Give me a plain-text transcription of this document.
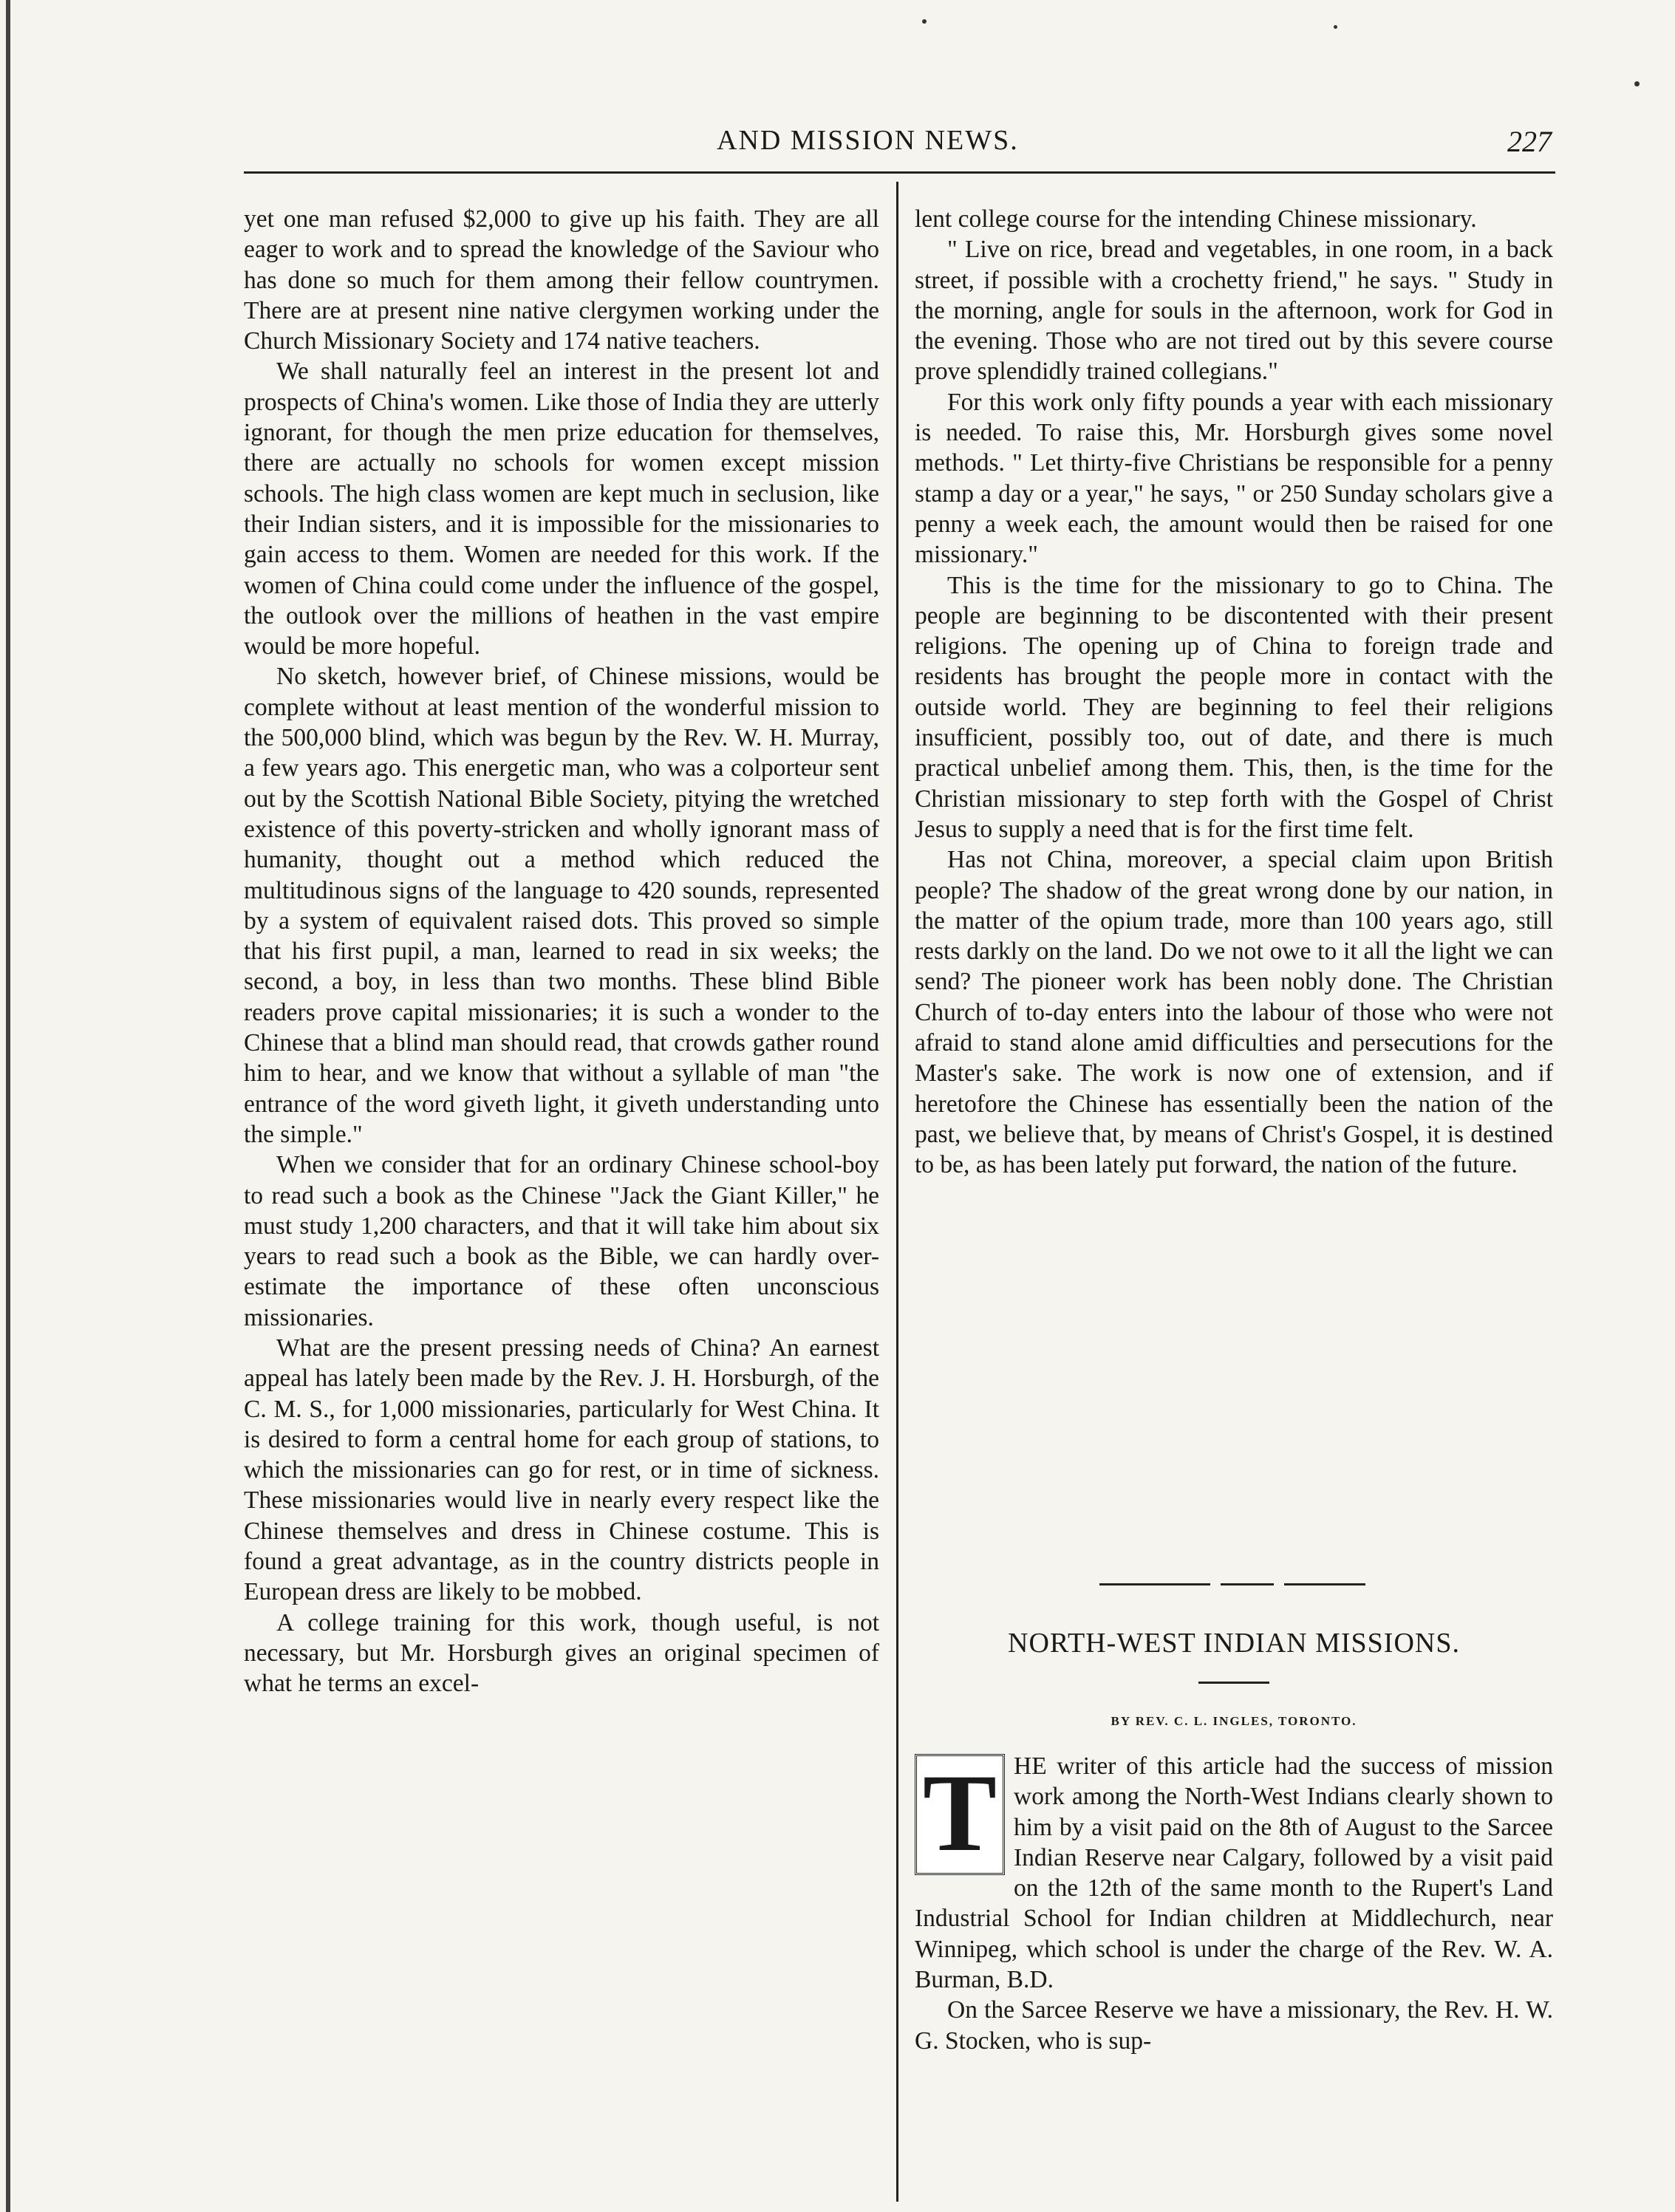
AND MISSION NEWS.	227

yet one man refused $2,000 to give up his faith. They are all eager to work and to spread the knowledge of the Saviour who has done so much for them among their fellow countrymen. There are at present nine native clergymen working under the Church Missionary Society and 174 native teachers.

We shall naturally feel an interest in the present lot and prospects of China's women. Like those of India they are utterly ignorant, for though the men prize education for themselves, there are actually no schools for women except mission schools. The high class women are kept much in seclusion, like their Indian sisters, and it is impossible for the missionaries to gain access to them. Women are needed for this work. If the women of China could come under the influence of the gospel, the outlook over the millions of heathen in the vast empire would be more hopeful.

No sketch, however brief, of Chinese missions, would be complete without at least mention of the wonderful mission to the 500,000 blind, which was begun by the Rev. W. H. Murray, a few years ago. This energetic man, who was a colporteur sent out by the Scottish National Bible Society, pitying the wretched existence of this poverty-stricken and wholly ignorant mass of humanity, thought out a method which reduced the multitudinous signs of the language to 420 sounds, represented by a system of equivalent raised dots. This proved so simple that his first pupil, a man, learned to read in six weeks; the second, a boy, in less than two months. These blind Bible readers prove capital missionaries; it is such a wonder to the Chinese that a blind man should read, that crowds gather round him to hear, and we know that without a syllable of man "the entrance of the word giveth light, it giveth understanding unto the simple."

When we consider that for an ordinary Chinese school-boy to read such a book as the Chinese "Jack the Giant Killer," he must study 1,200 characters, and that it will take him about six years to read such a book as the Bible, we can hardly over-estimate the importance of these often unconscious missionaries.

What are the present pressing needs of China? An earnest appeal has lately been made by the Rev. J. H. Horsburgh, of the C. M. S., for 1,000 missionaries, particularly for West China. It is desired to form a central home for each group of stations, to which the missionaries can go for rest, or in time of sickness. These missionaries would live in nearly every respect like the Chinese themselves and dress in Chinese costume. This is found a great advantage, as in the country districts people in European dress are likely to be mobbed.

A college training for this work, though useful, is not necessary, but Mr. Horsburgh gives an original specimen of what he terms an excel-

lent college course for the intending Chinese missionary.

" Live on rice, bread and vegetables, in one room, in a back street, if possible with a crochetty friend," he says. " Study in the morning, angle for souls in the afternoon, work for God in the evening. Those who are not tired out by this severe course prove splendidly trained collegians."

For this work only fifty pounds a year with each missionary is needed. To raise this, Mr. Horsburgh gives some novel methods. " Let thirty-five Christians be responsible for a penny stamp a day or a year," he says, " or 250 Sunday scholars give a penny a week each, the amount would then be raised for one missionary."

This is the time for the missionary to go to China. The people are beginning to be discontented with their present religions. The opening up of China to foreign trade and residents has brought the people more in contact with the outside world. They are beginning to feel their religions insufficient, possibly too, out of date, and there is much practical unbelief among them. This, then, is the time for the Christian missionary to step forth with the Gospel of Christ Jesus to supply a need that is for the first time felt.

Has not China, moreover, a special claim upon British people? The shadow of the great wrong done by our nation, in the matter of the opium trade, more than 100 years ago, still rests darkly on the land. Do we not owe to it all the light we can send? The pioneer work has been nobly done. The Christian Church of to-day enters into the labour of those who were not afraid to stand alone amid difficulties and persecutions for the Master's sake. The work is now one of extension, and if heretofore the Chinese has essentially been the nation of the past, we believe that, by means of Christ's Gospel, it is destined to be, as has been lately put forward, the nation of the future.

NORTH-WEST INDIAN MISSIONS.
BY REV. C. L. INGLES, TORONTO.

T HE writer of this article had the success of mission work among the North-West Indians clearly shown to him by a visit paid on the 8th of August to the Sarcee Indian Reserve near Calgary, followed by a visit paid on the 12th of the same month to the Rupert's Land Industrial School for Indian children at Middlechurch, near Winnipeg, which school is under the charge of the Rev. W. A. Burman, B.D.

On the Sarcee Reserve we have a missionary, the Rev. H. W. G. Stocken, who is sup-
